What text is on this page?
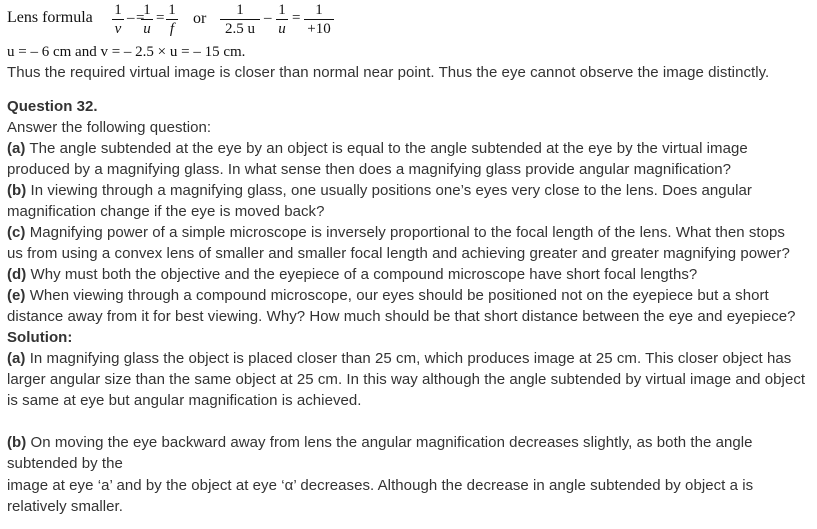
Lens formula 1
v
– =
1
u
= 1
f
or	1
2.5 u
– 1
u
= 1
+10
u = – 6 cm and v = – 2.5 × u = – 15 cm.
Thus the required virtual image is closer than normal near point. Thus the eye cannot observe the image distinctly.
Question 32.
Answer the following question:
(a) The angle subtended at the eye by an object is equal to the angle subtended at the eye by the virtual image
produced by a magnifying glass. In what sense then does a magnifying glass provide angular magnification?
(b) In viewing through a magnifying glass, one usually positions one’s eyes very close to the lens. Does angular
magnification change if the eye is moved back?
(c) Magnifying power of a simple microscope is inversely proportional to the focal length of the lens. What then stops
us from using a convex lens of smaller and smaller focal length and achieving greater and greater magnifying power?
(d) Why must both the objective and the eyepiece of a compound microscope have short focal lengths?
(e) When viewing through a compound microscope, our eyes should be positioned not on the eyepiece but a short
distance away from it for best viewing. Why? How much should be that short distance between the eye and eyepiece?
Solution:
(a) In magnifying glass the object is placed closer than 25 cm, which produces image at 25 cm. This closer object has
larger angular size than the same object at 25 cm. In this way although the angle subtended by virtual image and object
is same at eye but angular magnification is achieved.
(b) On moving the eye backward away from lens the angular magnification decreases slightly, as both the angle
subtended by the
image at eye ‘a’ and by the object at eye ‘α’ decreases. Although the decrease in angle subtended by object a is
relatively smaller.
